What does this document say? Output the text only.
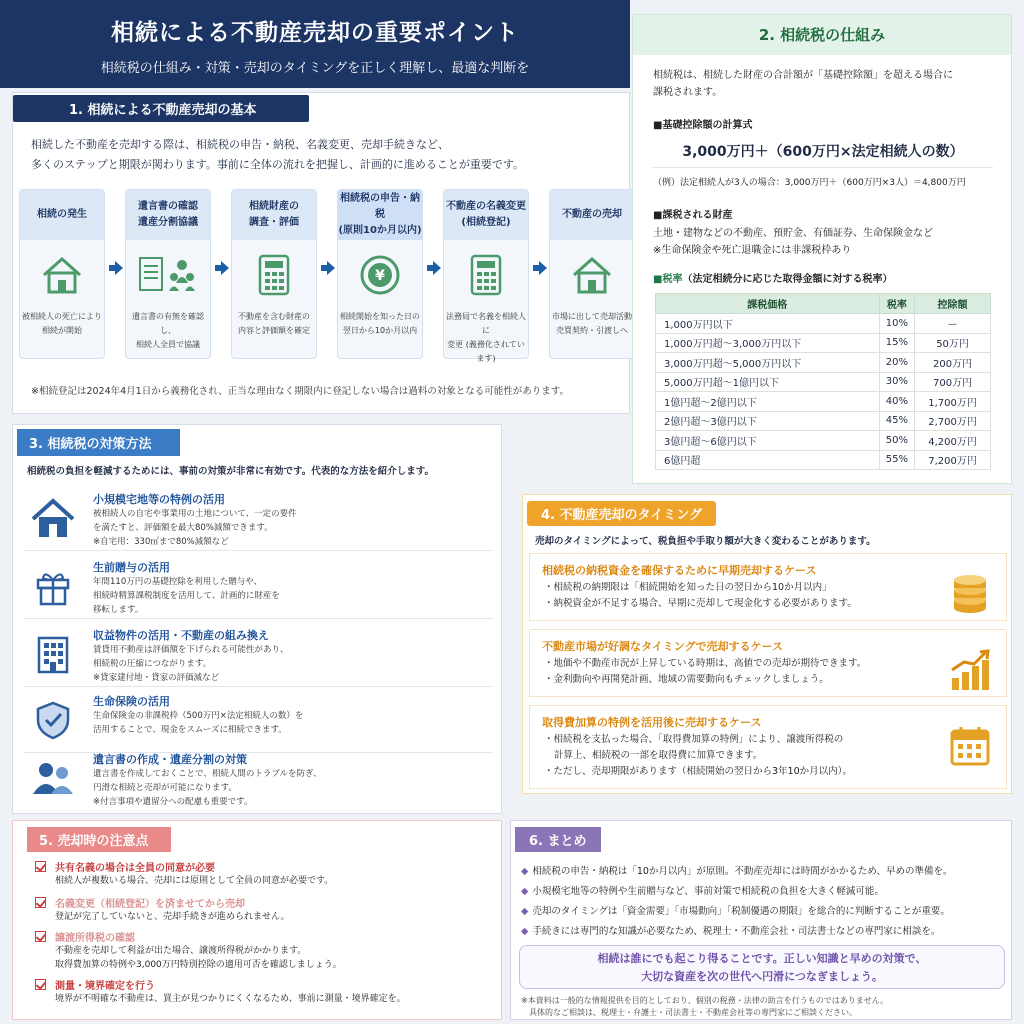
相続による不動産売却の重要ポイント
相続税の仕組み・対策・売却のタイミングを正しく理解し、最適な判断を
1. 相続による不動産売却の基本
相続した不動産を売却する際は、相続税の申告・納税、名義変更、売却手続きなど、
多くのステップと期限が関わります。事前に全体の流れを把握し、計画的に進めることが重要です。
相続の発生
被相続人の死亡により
相続が開始
遺言書の確認
遺産分割協議
遺言書の有無を確認し、
相続人全員で協議
相続財産の
調査・評価
不動産を含む財産の
内容と評価額を確定
相続税の申告・納税
(原則10か月以内)
¥
相続開始を知った日の
翌日から10か月以内
不動産の名義変更
(相続登記)
法務局で名義を相続人に
変更 (義務化されています)
不動産の売却
市場に出して売却活動
売買契約・引渡しへ
※相続登記は2024年4月1日から義務化され、正当な理由なく期限内に登記しない場合は過料の対象となる可能性があります。
2. 相続税の仕組み
相続税は、相続した財産の合計額が「基礎控除額」を超える場合に
課税されます。
■基礎控除額の計算式
3,000万円＋（600万円×法定相続人の数）
（例）法定相続人が3人の場合：3,000万円＋（600万円×3人）＝4,800万円
■課税される財産
土地・建物などの不動産、預貯金、有価証券、生命保険金など
※生命保険金や死亡退職金には非課税枠あり
■税率（法定相続分に応じた取得金額に対する税率）
課税価格	税率	控除額
1,000万円以下	10%	ー
1,000万円超～3,000万円以下	15%	50万円
3,000万円超～5,000万円以下	20%	200万円
5,000万円超～1億円以下	30%	700万円
1億円超～2億円以下	40%	1,700万円
2億円超～3億円以下	45%	2,700万円
3億円超～6億円以下	50%	4,200万円
6億円超	55%	7,200万円
3. 相続税の対策方法
相続税の負担を軽減するためには、事前の対策が非常に有効です。代表的な方法を紹介します。
小規模宅地等の特例の活用
被相続人の自宅や事業用の土地について、一定の要件
を満たすと、評価額を最大80%減額できます。
※自宅用：330㎡まで80%減額など
生前贈与の活用
年間110万円の基礎控除を利用した贈与や、
相続時精算課税制度を活用して、計画的に財産を
移転します。
収益物件の活用・不動産の組み換え
賃貸用不動産は評価額を下げられる可能性があり、
相続税の圧縮につながります。
※貸家建付地・貸家の評価減など
生命保険の活用
生命保険金の非課税枠（500万円×法定相続人の数）を
活用することで、現金をスムーズに相続できます。
遺言書の作成・遺産分割の対策
遺言書を作成しておくことで、相続人間のトラブルを防ぎ、
円滑な相続と売却が可能になります。
※付言事項や遺留分への配慮も重要です。
4. 不動産売却のタイミング
売却のタイミングによって、税負担や手取り額が大きく変わることがあります。
相続税の納税資金を確保するために早期売却するケース
・相続税の納期限は「相続開始を知った日の翌日から10か月以内」
・納税資金が不足する場合、早期に売却して現金化する必要があります。
不動産市場が好調なタイミングで売却するケース
・地価や不動産市況が上昇している時期は、高値での売却が期待できます。
・金利動向や再開発計画、地域の需要動向もチェックしましょう。
取得費加算の特例を活用後に売却するケース
・相続税を支払った場合、「取得費加算の特例」により、譲渡所得税の
計算上、相続税の一部を取得費に加算できます。
・ただし、売却期限があります（相続開始の翌日から3年10か月以内）。
5. 売却時の注意点
共有名義の場合は全員の同意が必要
相続人が複数いる場合、売却には原則として全員の同意が必要です。
名義変更（相続登記）を済ませてから売却
登記が完了していないと、売却手続きが進められません。
譲渡所得税の確認
不動産を売却して利益が出た場合、譲渡所得税がかかります。
取得費加算の特例や3,000万円特別控除の適用可否を確認しましょう。
測量・境界確定を行う
境界が不明確な不動産は、買主が見つかりにくくなるため、事前に測量・境界確定を。
6. まとめ
◆ 相続税の申告・納税は「10か月以内」が原則。不動産売却には時間がかかるため、早めの準備を。
◆ 小規模宅地等の特例や生前贈与など、事前対策で相続税の負担を大きく軽減可能。
◆ 売却のタイミングは「資金需要」「市場動向」「税制優遇の期限」を総合的に判断することが重要。
◆ 手続きには専門的な知識が必要なため、税理士・不動産会社・司法書士などの専門家に相談を。
相続は誰にでも起こり得ることです。正しい知識と早めの対策で、
大切な資産を次の世代へ円滑につなぎましょう。
※本資料は一般的な情報提供を目的としており、個別の税務・法律の助言を行うものではありません。
　具体的なご相談は、税理士・弁護士・司法書士・不動産会社等の専門家にご相談ください。
